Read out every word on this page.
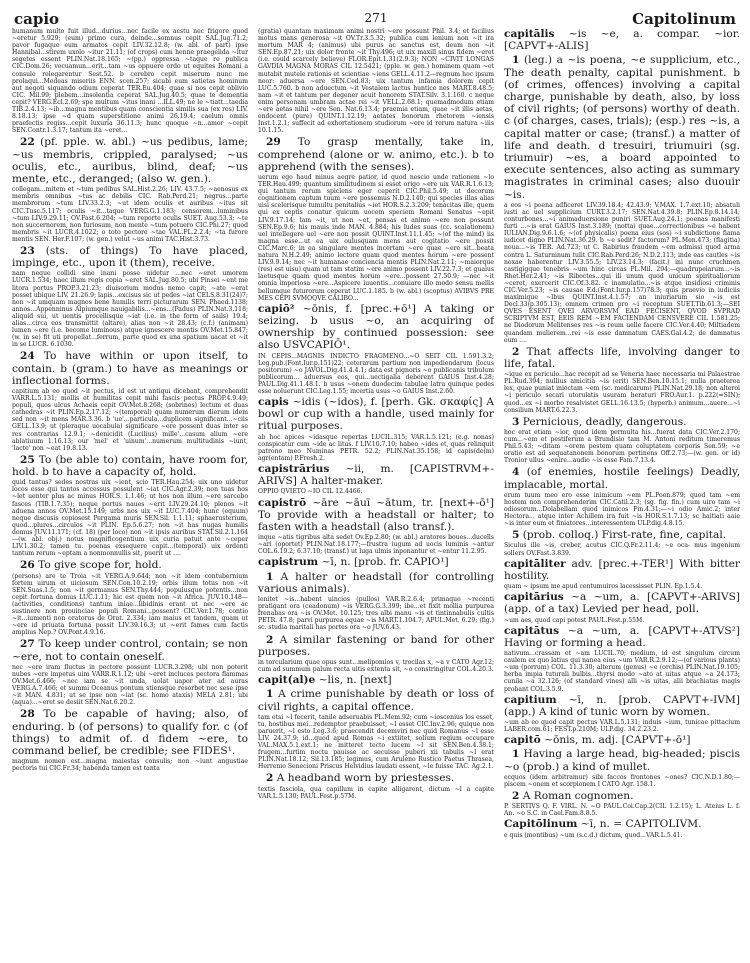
capio	271	Capitolinum

humanum multo fuit illud...durius...nec facile ex acstu nec frigore quod ~eretur 5.929; (eum) primo cura, deinde...somnus cepit SAL.Jug.71.2; pavor fugaque eum armatos cepit LIV.32.12.8; (w. abl. of part) ipse Hannibal...stirem uxolo ~itur 21.11; (of crops) cum henne praegelida ~itur segetes essent PLIN.Nat.18.165; ~(pp.) oppressa ~taque re publica CIC.Dom.26; vocuamun...erit...tam ~us oppuere ordo ut equites Romani a consule relegarentur Sest.52. b cerebro cepit miserum nunc me prolaqui...Medeas miseriis ENN. scen.257; sicubi eum satietas hominum aut negoti siquando odium ceperat TER.Eu.404; quae si nos cepit oblivio CIC. Mil.99; plebem...insolentia ceperat SAL.Jug.40.5; quae te dementia cepit? VERG.Ecl.2.69; spe multum ~itus inani ...ILL.49; ne le ~tiatt...taedia TIB.2.4.13; ~ib...magna mentibus quam conscientia similis sua (ex res) LIV. 8.18.13; ipse ~d quam superstitione animi 26.19.4; caelum omnis praefectis regiss...cepit luxuria 36.11.3; hunc quoque ~n...amor ~cepit SEN.Contr.1.3.17; tantum ita ~eret...

22 (pf. pple. w. abl.) ~us pedibus, lame; ~us membris, crippled, paralysed; ~us oculis, etc., auribus, blind, deaf; ~us mente, etc., deranged; (also w. gen.).

collegam...mitem et ~tum pedibus SAL.Hist.2.26; LIV. 43.7.5; ~aenosus ex membris omnibus ~tus ac debilis CIC. Rab.Perd.21; negrus...parte membrorum ~tum LIV.33.2.3; ~ut idem oculis et auribus ~itus sit CIC.Tusc.5.117; oculis ~it...taque VERG.G.1.183; censorem...luminibus ~tum LIV.9.29.11; OV.Fast.6.204; ~tum reporte oculis SUET. Aug.53.3; ~te non succernorem, non furiosum, non mente ~tum potuero CIC.Phi.27; quod membris ~it LUCR.4.1022; o toto pectore ~tae VAL.FL.2.2.4; ~ta furore mentis SEN. Her.F.107; (w. gen.) velut ~us animi TAC.Hist.3.73.

23 (sts. of things) To have placed, impinge, etc., upon it (them), receive.

nam neque collidi sine inani posse uidetur ...nec ~eret umorem LUCR.1.534; haec illum regis copia ~eret SAL.Jug.80.5; ubi Pinsei ~ent me litora portus PROP.3.21.23; diuisorium modus nemo capit; ~ate ~erat posset ubique LIV. 21.26.9; lapis...excisus sic ut pedes ~iat CELS.8.31(24)7; non ~it umquam magnos bene humilis terri picturarum SEN. Phaed.1138; annos...Appenninus Alpiumque nauigabilis...~ens...(Padus) PLIN.Nat.3.118; aliquid sui, ut uentis procellisque ~iat (i.e. in the form of sails) 19.4; alias...circa eos transmittit (altare), alias non ~it 28.43; (c.f.) (animam) lumen ~ere (i.e. become luminous) atque ignescere montis OV.Met.15.847; (w. in se) fit uti propellat...ferrum, parte quod ex una spatium uacat et ~it in se LUCR. 6.1030.

24 To have within or upon itself, to contain. b (gram.) to have as meanings or inflectional forms.

capitium ab eo quod ~it pectus, id est ut antiqui dicebant, comprehendit VARR.L.5.131; mollis et humilitas cepit mihi fascis pectus PROP.4.9.49; populi, quos ulcus Achaeis cepit OV.Met.8.268; (sobrinos) lectum et duas cathedras ~it PLIN.Ep.2.17.12; ~(temporal) quam numerum dierum idem sed non ~it mens MAR.3.36. b 'ue'...particula...duplicem significant...~ciis GELL.13.9; ut (pleraque uocabula) significare ~ere possent duas inter se res contrarias 12.9.1; ~denicidit (Lucilius) mille'...casum alium ~ere ablatiuum 1.16.13; our 'mel' et 'uinum'...numerum multitudinis ~iunt, 'lacte' non ~eat 19.8.13.

25 To (be able to) contain, have room for, hold. b to have a capacity of, hold.

quid tantus? sedes nostras uix ~ient, scio TER.Hau.254; uix uno uidetur locos esse qui tantos accessus possulent ~iat CIC.Agr.2.39; non tuas hos ~let uenter plus ac minus HOR.S. 1.1.46; ut hos non illum ~ere sarcebo fasces (TIB.1.7.35); neque portus naues ~erit LIV.29.24.10; plenos ~it aduena annos OV.Met.15.149; urbs nos uix ~it LUC.7.404; hunc (equum) neque discusis copiosest Pergama muris SEN.Sil. 1.1.11; sphaerusterium, quod...plures...circulos ~it PLIN. Ep.5.6.27; non ~it has nugas humilis domus JUV.11.171; (cf. 18) (per loco) non ~it ipsis auribus STAT.Sil.2.1.164—(w. abl. obj.) notus magnificogentium uix curia patuit ante ~ceper LIV.1.30.2; tamen tu. poenas exsequere capit...(temporal) uix ordenti tantum rerum ~eptam a nonmonnullis sit, puerit ut ....

26 To give scope for, hold.

(persons) are te Troia ~it VERG.A.9.644; non ~it idem contubernium fortem uirum et uiciosum SEN.Con.10.2.19; orbis illum totus non ~it SEN.Suas.1.5; non ~it germanus SEN.Thy.444; populusque potentis...non cepit fortuna domus LUC.1.11; hic est quem non ~it Africa. JUV.10.148—(activities, conditions) tantum iniae...libidinis erant ut nec ~ere ac sustinere non prouinciae populi Romani...possent? CIC.Ver.1.78; contio ~it...iumenti non oratorus de Orat. 2.334; iam maius et tandem, quam ut ~ere id priuata fortuna possit LIV.39.16.3; ut ~erit fames cum factis amplius Nep.? OV.Pont.4.9.16.

27 To keep under control, contain; se non ~ere, not to contain oneself.

nec ~ere iram fluctus in pectore possunt LUCR.3.298; ubi non poterit nubes ~ere impetus uim VARR.R.1.12; ubi ~eret incluces pectora flammas OV.Met.6.466; ~nec iam se ~it unda, uolat uapor ater ad auras VERG.A.7.466; et summi Oceanus pontum stiensque resorbet nec sese ipse ~it MAN. 4.831; ut se ipse non ~iat (sc. homo ataxis) MELA 2.81; ubi (aqua)...~eret se desiit SEN.Nat.6.20.2.

28 To be capable of having; also, of enduring. b (of persons) to qualify for. c (of things) to admit of. d fidem ~ere, to command belief, be credible; see FIDES¹.

magnum nomen est...magna maiestas consulis; non ~iunt angustiae pectoris tui CIC.Fr.34; habenda tamen est tanta

(gratia) quantam maximam animi nostri ~ere possunt Phil. 3.4; et facilius motus mans generosa ~it OV.Tr.3.5.32; publica cum lenium non ~it ira mortum MAR 4; (animus) ubi purus ac sanctus est, deum non ~it SEN.Ep.87.21; uix dolor fronte ~it Thy.496; ut uix maxill sinus fidem ~eret (i.e. could scarcely believe) FLOR.Epit.1.31(2.9.3); NON ~CIVIT LONGAS GAVDIA MAGNA MORAS CIL 12.5421; (pple. w. gen.) hominem quam ~et mutabit mutele rationis et scientiae ~iens GELL.4.11.2—regnum hoc ipsum neor: aduersa ~ere SEN.Ced.83; uix tantum infamia dolorem cepit LUC.5.760. b non aduectum ~it Vestalem lactus huntice nes MART.8.48.5; nam ~it et tantum per degener acuit honorem STAT.Silv. 3.1.160. c neque enim personam umbram actae rei ~it VELL.2.68.1; quemadmodum etiam ~ere aetas nihil ~ere Sen. Nat.6.13.4; praemia etiam, quae ~it illis aetas, endocent (pure) QUINT.1.12.19; aetates bonorum rhetorem ~iensis Inst.1.2.1; suffecit ad exhortationem studiorum ~ere id rerum natura ~iiis 10.1.15.

29 To grasp mentally, take in, comprehend (alone or w. animo, etc.). b to apprehend (with the senses).

uerum ego haud minus aegre patior, id quod nescio unde rationem ~lo TER.Hau.499; quantum similitudinem si esset origo ~ere uix VAR.R.1.6.13; qui tantum rerum spiclens eger ceperit CIC.Phil.5.49; ut decorum cognitionem captum tuum ~ere possemus N.D.2.140; qui species illas alias uisi scelerisque tumultu penitalius ~iet HOR.S.2.3.209; tenacitas ille, quem qui ex ceptis conatur quicum uocem speciem Romani Senatus ~epit LIV.9.17.14; tam ~it, ut non ~et, pensas et animo ~ere non possunt SEN.Ep.9.6; his mauis inde MAN. 4.884; his ludes suas (cc. scalationem) uel intellegere uel ~ere non possit QUINT.Inst.11.1.45; ~(of the mind) iis magna esse...ut ea uix oulusquam mens aut cogitatio ~ere possit CIC.Marc.6; in ea singulare mentes incertam ~ere quae ~ere sit...beata natura N.H.2.49; animo lectore quam quod mentes horum ~ere possent LIV.9.9.14; nec ~it humanae conciencia mentis PLIN.Nat.2.11; ~maiorque (res) est uisu) quam ut tam statim ~ere animo possent LIV.22.7.3; et guaius laetusque quam quod mentes horum ~ere...possent 27.50.9; —nec ~it omnia imperiosa ~ere...Aspicere iuuentis...conuiare illo modo sensu mellis bellumque futurorum ceperat LUC.1.185. b (w. abl.) (scoptus) AVIBVS PRE MES CEPI SVMOQVE CALIBO...

capiō² ~ōnis, f. [prec.+ō¹] A taking or seizing. b usus ~o, an acquiring of ownership by continued possession: see also USVCAPIŌ¹.

IN CEPIS...MAGNIS INDICTO FRAGMENO...~O SEIT CIL 1.591.3.2; Leg.pub.(Font.Iur.p.151)22; ceterarum partium non impediendarum (locus positorum) ~o JAVOL.Dig.41.4.4.1; data est pignoris ~o publicanis tribulum publicorum... aduersus eos, qui...uectigalia deberent GAIUS Inst.4.28; PAUL.Dig.41.1.48.1. b usus ~onem duodecim tabulae latra quinque pedes esse noluerunt CIC.Leg.1.55; incertia usus ~o GAIUS Inst.2.60.

capis ~idis (~idos), f. [perh. Gk. σκαφίς] A bowl or cup with a handle, used mainly for ritual purposes.

ab hoc apices ~idasque repertas LUCIL.315; VAR.L.5.121; (e.g. nonas) conspicatur cum ~ide ac litus. f LIV.10.7.10; habeo ~ides et, quas relinquit patrono meo Numinas PETR. 52.2; PLIN.Nat.35.158; id capis(de(m) agr(entam) P.Fresh.2.

capistrārius ~ii, m. [CAPISTRVM+-ARIVS] A halter-maker.

OPPIO QVIETO ~IO CIL 12.4466.

capistrō ~āre ~āuī ~ātum, tr. [next+-ō¹] To provide with a headstall or halter; to fasten with a headstall (also transf.).

inque ~atis tigribus alta sedet Ov.Ep.2.80; (w. abl.) aratores boues...ducells ~ari (oportet) PLIN.Nat.18.177;—frustra iugum ad uocis luminis ~antur COL.6.19.2; 6.37.10; (transf.) ut luga ulmis inponantur et ~entur 11.2.95.

capistrum ~ī, n. [prob. fr. CAPIO¹]

1 A halter or headstall (for controlling various animals).

lenitet ~is...habent uincios (pullos) VAR.R.2.6.4; primaque ~recenti pratigant ora (ceadonum) ~is VERG.G.3.399; ibe...et fixit mollia purpurea frenabas ora ~is OV.Met. 10.125; tres albi manu ~is et tintinnabulis cultis PETR. 47.8; parvi purpurea equae ~is MART.1.104.7; APUL.Met. 6.29; (fig.) sc. studia maritali has portes ora ~o JUV.6.43.

2 A similar fastening or band for other purposes.

in torcularium quae opus sunt...melipomios v, trocilas x, ~a v CATO Agr.12; cum ad summum palum recta uitis extenta sit, ~o constringitur COL.4.20.3.

capit(al)e ~lis, n. [next]

1 A crime punishable by death or loss of civil rights, a capital offence.

tam etsi ~l fecerit, tanile adseruabis PL.Mem.92; cum ~ioscenius los esset, tu, hostibus mei...redemptor praebuisset, ~l esset CIC.Inv.2.96; quique non paruerit, ~l esto Leg.3.6; praecendit decemviri nec quid Romanus ~l esse LIV. 24.37.9; id...quod apud Romas ~i extiitet, solium regium occupare VAL.MAX.5.1.ext.1; ne mitteret tecto lucem ~l sit SEN.Ben.4.38.1; frugem...furtim noctu pauisse ac secuisse puberi xii tabulis ~l erat PLIN.Nat.18.12; Sil.13.185; legimus, cum Aruleno Rustico Paetus Thrasea, Herrenio Senecioni Priscus Helvidius laudati essent, ~le fuisse TAC. Ag.2.1.

2 A headband worn by priestesses.

textis fasciola, qua capillum in capite alligarent, dictum ~l a capite VAR.L.5.130; PAUL.Fest.p.57M.

capitālis ~is ~e, a. compar. ~ior. [CAPVT+-ALIS]

1 (leg.) a ~is poena, ~e supplicium, etc., The death penalty, capital punishment. b (of crimes, offences) involving a capital charge, punishable by death, also, by loss of civil rights; (of persons) worthy of death. c (of charges, cases, trials); (esp.) res ~is, a capital matter or case; (transf.) a matter of life and death. d tresuiri, triumuiri (sg. triumuir) ~es, a board appointed to execute sentences, also acting as summary magistrates in criminal cases; also duouir ~is.

a eos ~i poena adficeret LIV.39.18.4; 42.43.9; V.MAX. 1.7.ext.10; absatuli iusti ac uel supplicium CURT.3.2.17; SEN.Nat.4.39.8; PLIN.Ep.8.14.14; conturbones...~i animaduersione puniri SUET.Aug.24.1; poenas manifesti furti ...~is erat GAIUS Inst.3.189; (notta) quae...correctionibus ~e habent IULIAN.Dig.9.6.1.6; ~(of physicalis) poena eius (sos) ~i subdictione fiama iudicet digno PLIN.Nat.36.29. b ~e sedit? factorum? PL.Men.473; (flagitia) noua...~is TER. Ad.723; ut C. Rabirius fraudem ~em admissi quod arma contra L. Saturninum tulit CIC.Rab.Perd.26; N.D.2.113; inde eas cautles ~is noxae haberentur LIV.3.55.5; LIV.23.14.3; (facit.) ini nunc cruchmen castigigque tenebris ~um hinc circas PL.Mil. 294;—quadrupeiarum...~is Rhet.Her.2.41; ~is Riboctes...qui ili unum quod unicum spiritualiorum ~ceret, exercerit CIC.Of.3.82. c inamulatio...~is atque insidiosi criminis CIC.Ver.5.23; ~is causae F.d.(Font.Iur.p.157)78.3; quis praevio in iudiciis maximique ~lbus QUINT.Inst.4.1.57; an iniuriarum sio ~is est Decl.33(p.305.13); omnem crimen pro ~i receptum SUET.Tib.61.3;—SEI QVES ESENT QVEI ARVORSVM EAD FECISENT, QVOD SVPRAD SCRIPTVM EST, EEIS REM ~EM FACIENDAM CENSVERE CIL 1.581.25; ne Diodorum Melitenses res ~is reum uelle facere CIC.Ver.4.40; Miltiadem quandam mulierem...rei ~is esse damnatum CAES.Gal.4.2; de damnatus eum ....

2 That affects life, involving danger to life, fatal.

~ique ex periculo...hac recepit ad se Veneria haec necessaria mi Palaestrae PL.Rud.394; nullius amicitia ~is (erit) SEN.Ben.10.15.1; nulla praeterea lex, quae puniat iniectam ~em (sc. medicarum) PLIN.Nat.29.18; non alteroi ~i periculo secari utorulatis usuram heraturi FRO.Aur.1. p.222(=SIN); quod...ex ~i morbo resalvistet GELL.16.13.5; (hyperb.) animum...auere...~i consilium MART.6.22.3.

3 Pernicious, deadly, dangerous.

hoc erat etiam ~ior, quod idem permulta his...fuerat data CIC.Ver.2.170; cum...~em et pestiferum a Brundisio tam M. Antoni reditum timeremus Phil.5.43; ~ditam ~orem pestem quam coluptatem corporis Sen.59; ~e oratio est ad sequatanonem bonorum pertinens Off.2.73;—(w. gen. or id) Tronior ullus ~enire...audio ~is esse Fam.7.13.4.

4 (of enemies, hostile feelings) Deadly, implacable, mortal.

erum tuum meo ero esse inimicum ~em PL.Poen.879; quod tam ~em hostem non comprehenderim CIC.Catil.2.3; (sg. fig. fin.) cum uiro tam ~i odiosorum...Dolabellam quod inimicos Fin.4.31;—~i odio Amic.2; inter Hectora... atque inter Achillem ira fuit ~is HOR.S.1.7.13; sc haitiati aaie ~is inter eum et finiatores...interessentem ULP.dig.4.8.15.

5 (prob. colloq.) First-rate, fine, capital.

Siculus ille ~is, creber, acutus CIC.Q.Fr.2.11.4; ~e oca- mus ingenium sollers OV.Fast.3.839.

capitāliter adv. [prec.+-TER¹] With bitter hostility.

quam ~ ipsum me apud centumuiros lacessisset PLIN. Ep.1.5.4.

capitārius ~a ~um, a. [CAPVT+-ARIVS] (app. of a tax) Levied per head, poll.

~um aes, quod capi potest PAUL.Fest.p.55M.

capitātus ~a ~um, a. [CAPVT+-ATVS²] Having or forming a head.

nativum...crassam et ~am LUCIL.70; medium, id est singulum circum caulem ex quo latius qui nanea eius ~um VAR.R.2.9.12;—(of various plants) ~um (porrum) COL. 11.3.30; alterum (genus) ~e (orchis) PLIN.Nat.19.105; herba impia tuturali bulbis...thyrsi modo ~ato at uitas atque ~a 24.173; cunila ~a 32.126; (of standard vines) alli ~is uitas, alii brachiatas magis probant COL.3.5.9.

capitium ~ī, n. [prob. CAPVT+-IVM] (app.) A kind of tunic worn by women.

~um ab eo quod capit pectus VAR.L.5.131; induis ~ium, tunicae pittacium LABER.com.61; FEST.p.210M; ULP.dig. 34.2.23.2.

capitō ~ōnis, m. adj. [CAPVT+-ō¹]

1 Having a large head, big-headed; piscis ~o (prob.) a kind of mullet.

ecquos (idem arbitramur) sibi faccos frontones ~ones? CIC.N.D.1.80;—piscem ~onem et scorpionem I CATO Agr. 158.1.

2 A Roman cognomen.

P. SERTIVS Q. F. VIRL. N. ~O PAUL.Coi.Cap.2(CIL 1.2.15); L. Ateius L. f. An. ~o S.C. in Cael.Fam.8.8.5.

Capitōlinum ~ī, n. = CAPITOLIVM.

e quis (montibus) ~um (s.c.d.) dictum, quod...VAR.L.5.41.
